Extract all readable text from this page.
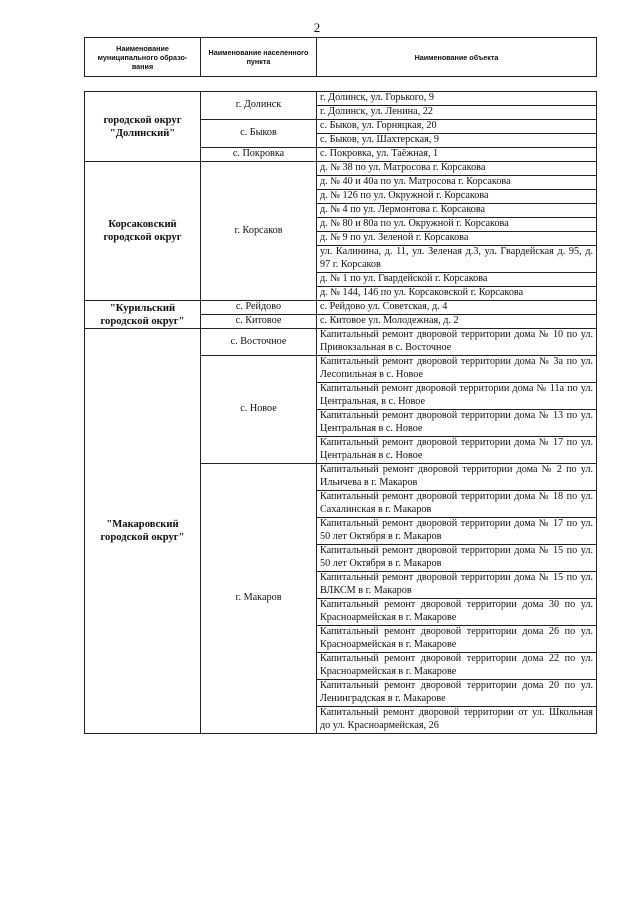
2
Наименование муниципального образо-вания	Наименование населенного пункта	Наименование объекта
городской округ "Долинский"	г. Долинск	г. Долинск, ул. Горького, 9
		г. Долинск, ул. Ленина, 22
	с. Быков	с. Быков, ул. Горняцкая, 20
		с. Быков, ул. Шахтерская, 9
	с. Покровка	с. Покровка, ул. Таёжная, 1
Корсаковский городской округ	г. Корсаков	д. № 38 по ул. Матросова г. Корсакова
		д. № 40 и 40а по ул. Матросова г. Корсакова
		д. № 126 по ул. Окружной г. Корсакова
		д. № 4 по ул. Лермонтова г. Корсакова
		д. № 80 и 80а по ул. Окружной г. Корсакова
		д. № 9 по ул. Зеленой г. Корсакова
		ул. Калинина, д. 11, ул. Зеленая д.3, ул. Гвардейская д. 95, д. 97 г. Корсаков
		д. № 1 по ул. Гвардейской г. Корсакова
		д. № 144, 146 по ул. Корсаковской г. Корсакова
"Курильский городской округ"	с. Рейдово	с. Рейдово ул. Советская, д. 4
	с. Китовое	с. Китовое ул. Молодежная, д. 2
"Макаровский городской округ"	с. Восточное	Капитальный ремонт дворовой территории дома № 10 по ул. Привокзальная в с. Восточное
	с. Новое	Капитальный ремонт дворовой территории дома № 3а по ул. Лесопильная в с. Новое
		Капитальный ремонт дворовой территории дома № 11а по ул. Центральная, в с. Новое
		Капитальный ремонт дворовой территории дома № 13 по ул. Центральная в с. Новое
		Капитальный ремонт дворовой территории дома № 17 по ул. Центральная в с. Новое
	г. Макаров	Капитальный ремонт дворовой территории дома № 2 по ул. Ильичева в г. Макаров
		Капитальный ремонт дворовой территории дома № 18 по ул. Сахалинская в г. Макаров
		Капитальный ремонт дворовой территории дома № 17 по ул. 50 лет Октября в г. Макаров
		Капитальный ремонт дворовой территории дома № 15 по ул. 50 лет Октября в г. Макаров
		Капитальный ремонт дворовой территории дома № 15 по ул. ВЛКСМ в г. Макаров
		Капитальный ремонт дворовой территории дома 30 по ул. Красноармейская в г. Макарове
		Капитальный ремонт дворовой территории дома 26 по ул. Красноармейская в г. Макарове
		Капитальный ремонт дворовой территории дома 22 по ул. Красноармейская в г. Макарове
		Капитальный ремонт дворовой территории дома 20 по ул. Ленинградская в г. Макарове
		Капитальный ремонт дворовой территории от ул. Школьная до ул. Красноармейская, 26
